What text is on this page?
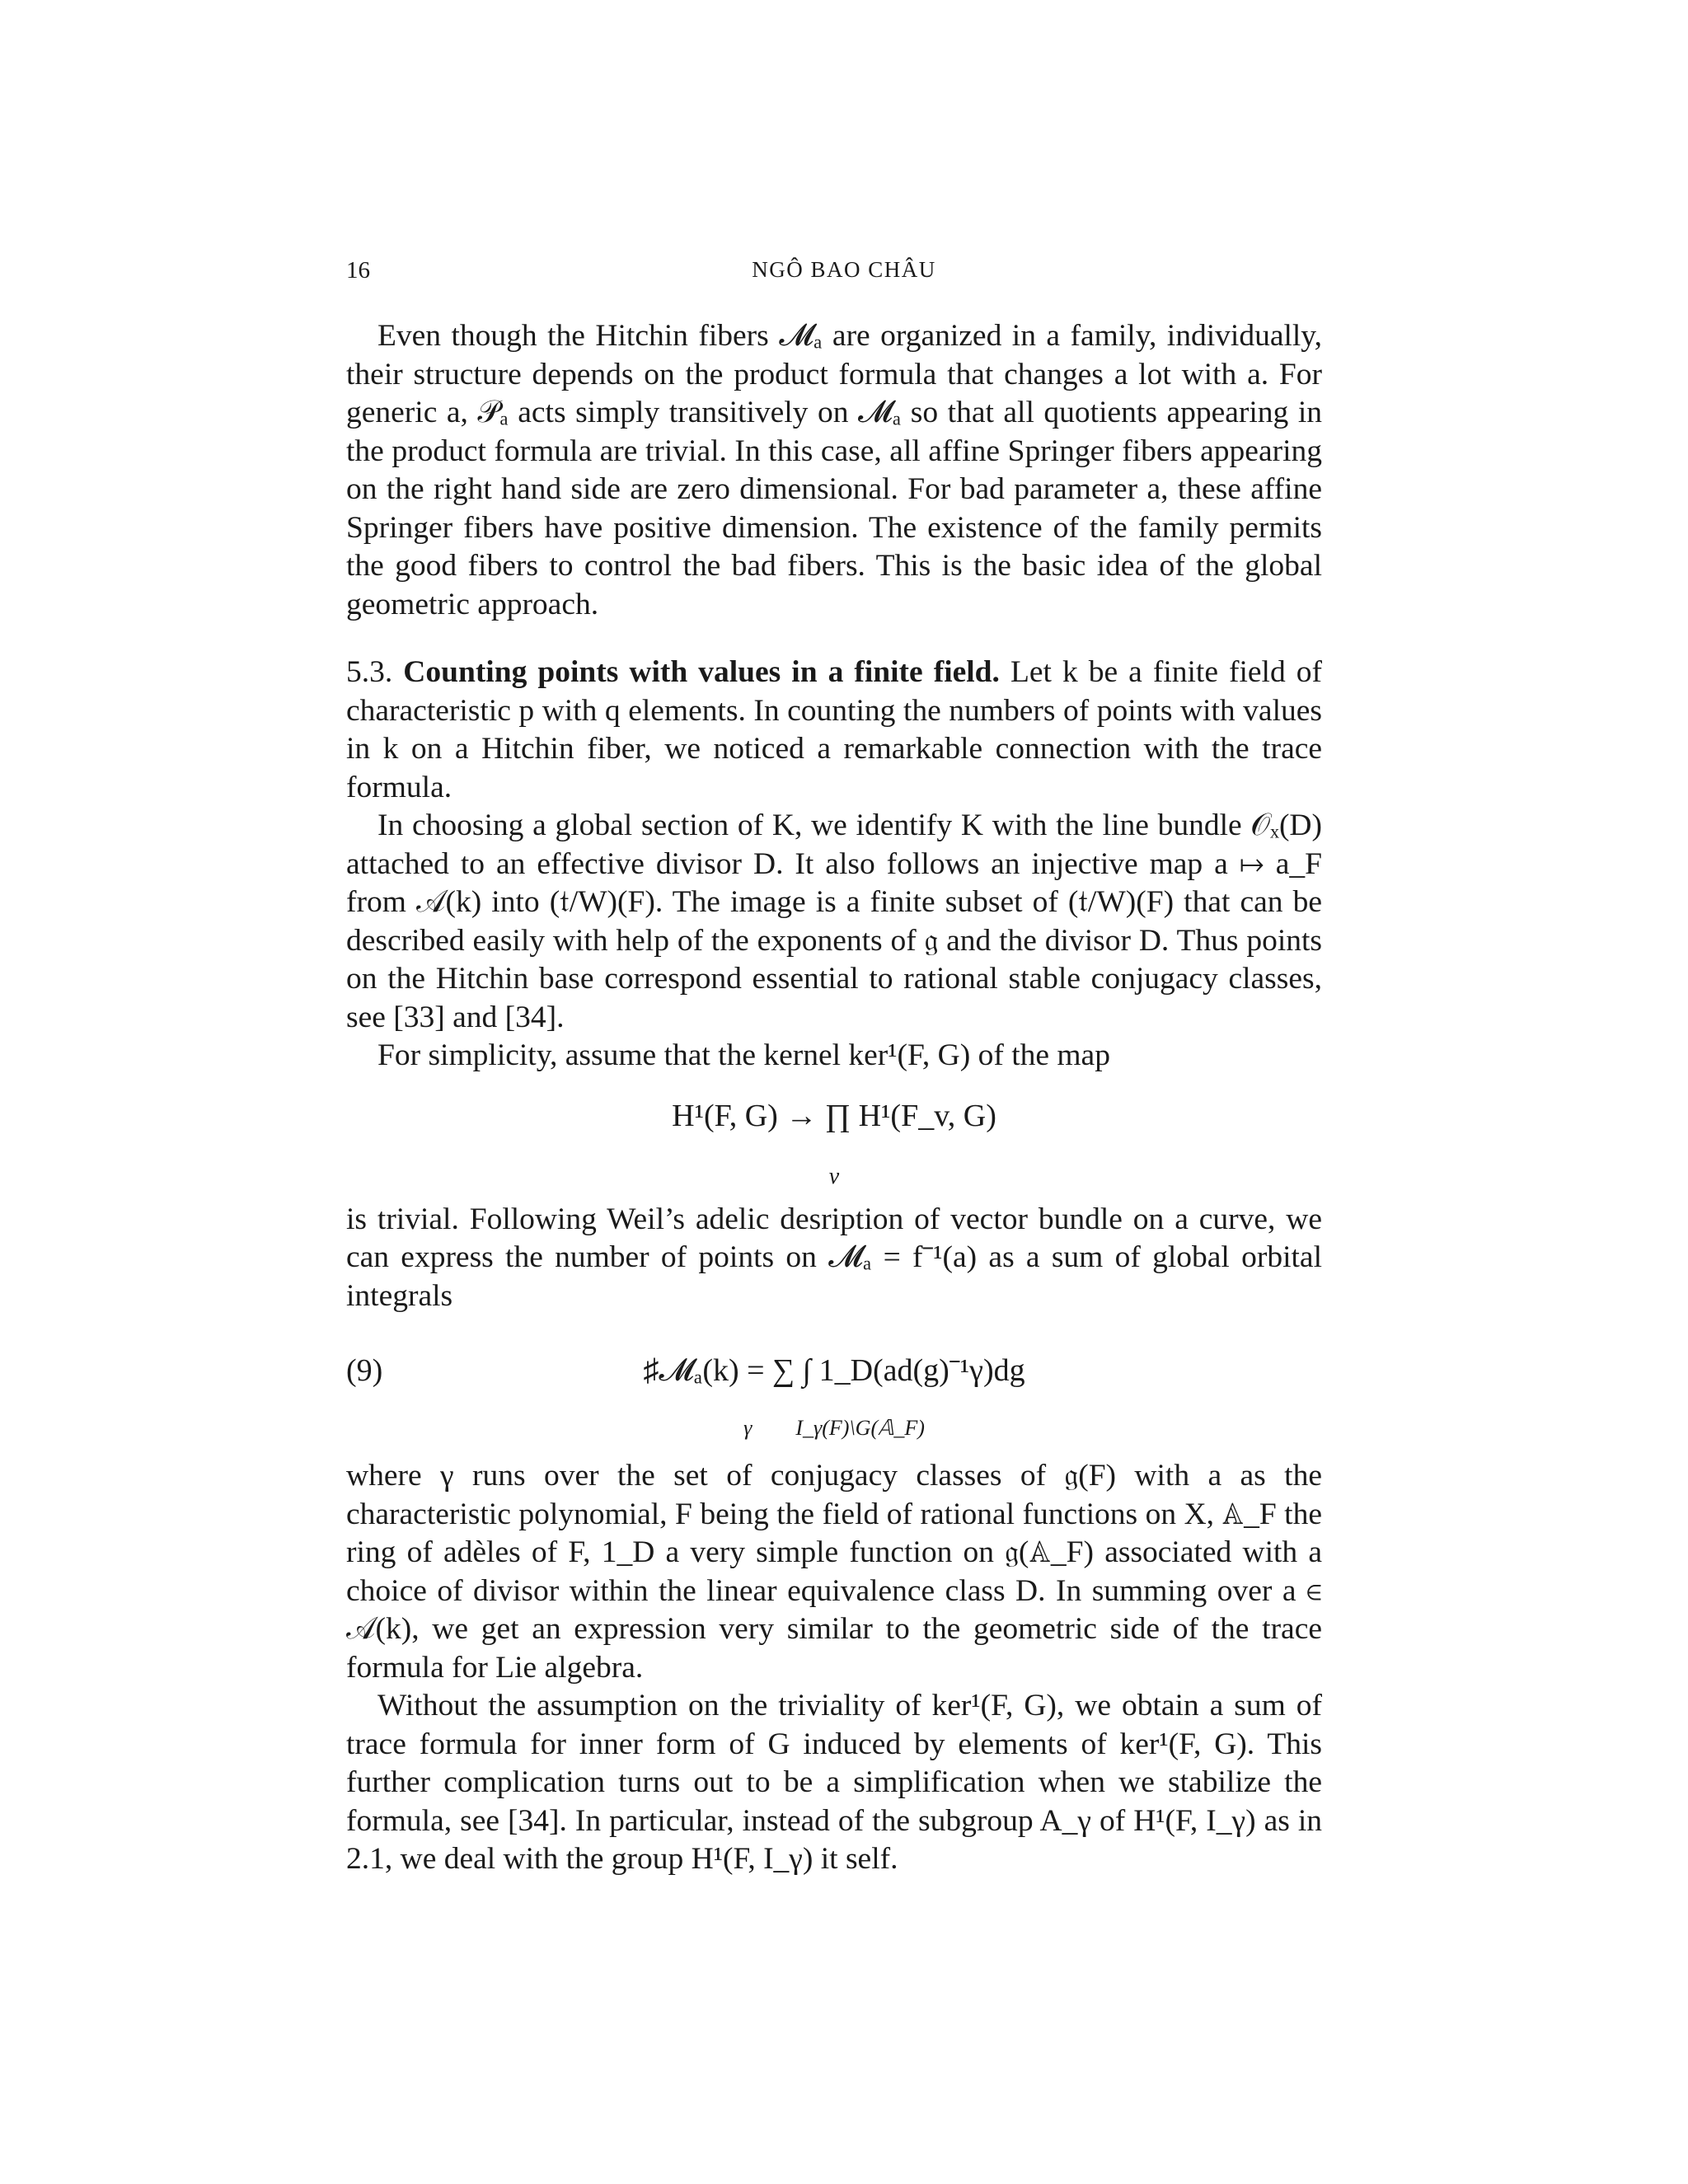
16	NGÔ BAO CHÂU

Even though the Hitchin fibers 𝓜ₐ are organized in a family, individually, their structure depends on the product formula that changes a lot with a. For generic a, 𝒫ₐ acts simply transitively on 𝓜ₐ so that all quotients appearing in the product formula are trivial. In this case, all affine Springer fibers appearing on the right hand side are zero dimensional. For bad parameter a, these affine Springer fibers have positive dimension. The existence of the family permits the good fibers to control the bad fibers. This is the basic idea of the global geometric approach.

5.3. Counting points with values in a finite field. Let k be a finite field of characteristic p with q elements. In counting the numbers of points with values in k on a Hitchin fiber, we noticed a remarkable connection with the trace formula.

In choosing a global section of K, we identify K with the line bundle 𝒪ₓ(D) attached to an effective divisor D. It also follows an injective map a ↦ a_F from 𝒜(k) into (𝔱/W)(F). The image is a finite subset of (𝔱/W)(F) that can be described easily with help of the exponents of 𝔤 and the divisor D. Thus points on the Hitchin base correspond essential to rational stable conjugacy classes, see [33] and [34].

For simplicity, assume that the kernel ker¹(F, G) of the map

H¹(F, G) → ∏ H¹(F_v, G)
v

is trivial. Following Weil’s adelic desription of vector bundle on a curve, we can express the number of points on 𝓜ₐ = f⁻¹(a) as a sum of global orbital integrals

(9)	♯𝓜ₐ(k) = ∑ ∫ 1_D(ad(g)⁻¹γ)dg
γ I_γ(F)\G(𝔸_F)

where γ runs over the set of conjugacy classes of 𝔤(F) with a as the characteristic polynomial, F being the field of rational functions on X, 𝔸_F the ring of adèles of F, 1_D a very simple function on 𝔤(𝔸_F) associated with a choice of divisor within the linear equivalence class D. In summing over a ∈ 𝒜(k), we get an expression very similar to the geometric side of the trace formula for Lie algebra.

Without the assumption on the triviality of ker¹(F, G), we obtain a sum of trace formula for inner form of G induced by elements of ker¹(F, G). This further complication turns out to be a simplification when we stabilize the formula, see [34]. In particular, instead of the subgroup A_γ of H¹(F, I_γ) as in 2.1, we deal with the group H¹(F, I_γ) it self.
